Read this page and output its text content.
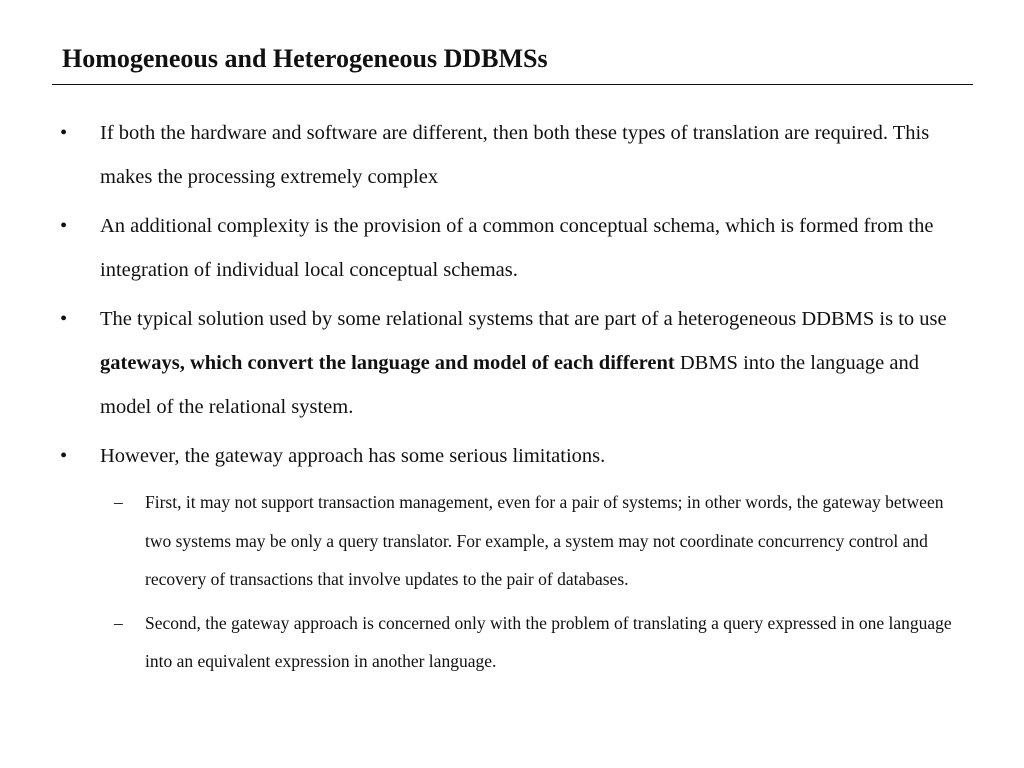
Homogeneous and Heterogeneous DDBMSs
• If both the hardware and software are different, then both these types of translation are required. This makes the processing extremely complex
• An additional complexity is the provision of a common conceptual schema, which is formed from the integration of individual local conceptual schemas.
• The typical solution used by some relational systems that are part of a heterogeneous DDBMS is to use gateways, which convert the language and model of each different DBMS into the language and model of the relational system.
• However, the gateway approach has some serious limitations.
– First, it may not support transaction management, even for a pair of systems; in other words, the gateway between two systems may be only a query translator. For example, a system may not coordinate concurrency control and recovery of transactions that involve updates to the pair of databases.
– Second, the gateway approach is concerned only with the problem of translating a query expressed in one language into an equivalent expression in another language.
